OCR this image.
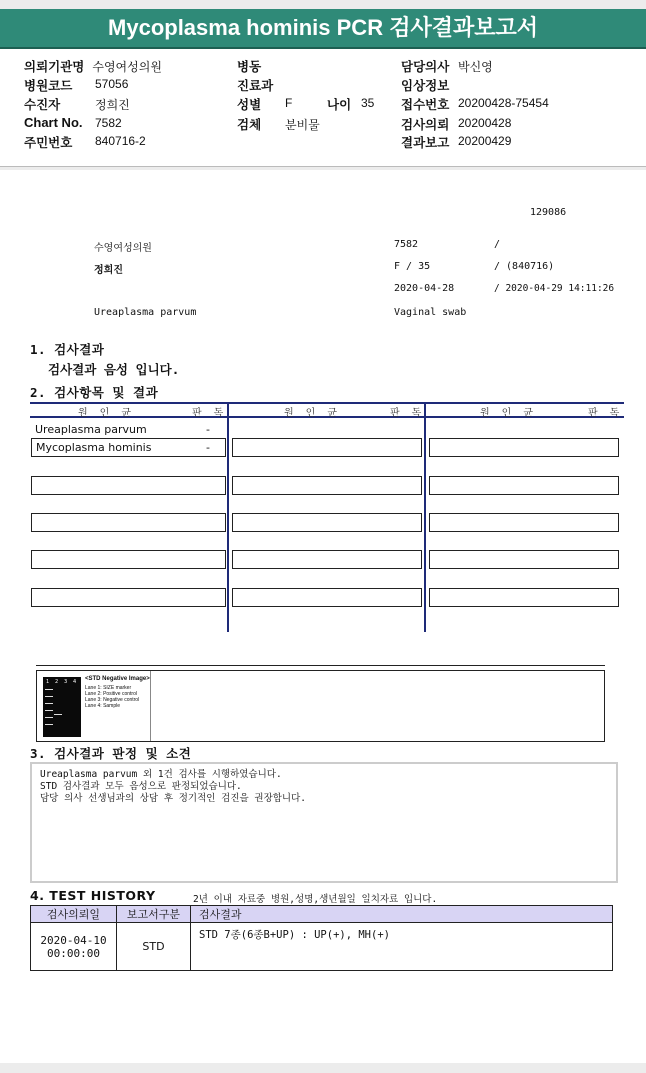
Mycoplasma hominis PCR 검사결과보고서
의뢰기관명 수영여성의원
병원코드 57056
수진자	정희진
Chart No. 7582
주민번호 840716-2
병동
진료과
성별 F	나이 35
검체 분비물
담당의사 박신영
임상정보
접수번호 20200428-75454
검사의뢰 20200428
결과보고 20200429
129086
수영여성의원	7582	/
정희진	F / 35	/ (840716)
2020-04-28	/ 2020-04-29 14:11:26
Ureaplasma parvum	Vaginal swab
1. 검사결과
검사결과 음성 입니다.
2. 검사항목 및 결과
원 인 균	판 독	원 인 균	판 독	원 인 균	판 독
Ureaplasma parvum	-
Mycoplasma hominis	-
1 2 3 4 <STD Negative Image>
Lane 1: SIZE marker
Lane 2: Positive control
Lane 3: Negative control
Lane 4: Sample
3. 검사결과 판정 및 소견
Ureaplasma parvum 외 1건 검사를 시행하였습니다.
STD 검사결과 모두 음성으로 판정되었습니다.
담당 의사 선생님과의 상담 후 정기적인 검진을 권장합니다.
4. TEST HISTORY	2년 이내 자료중 병원,성명,생년월일 일치자료 입니다.
검사의뢰일	보고서구분	검사결과

2020-04-10
00:00:00	STD	STD 7종(6종B+UP) : UP(+), MH(+)
